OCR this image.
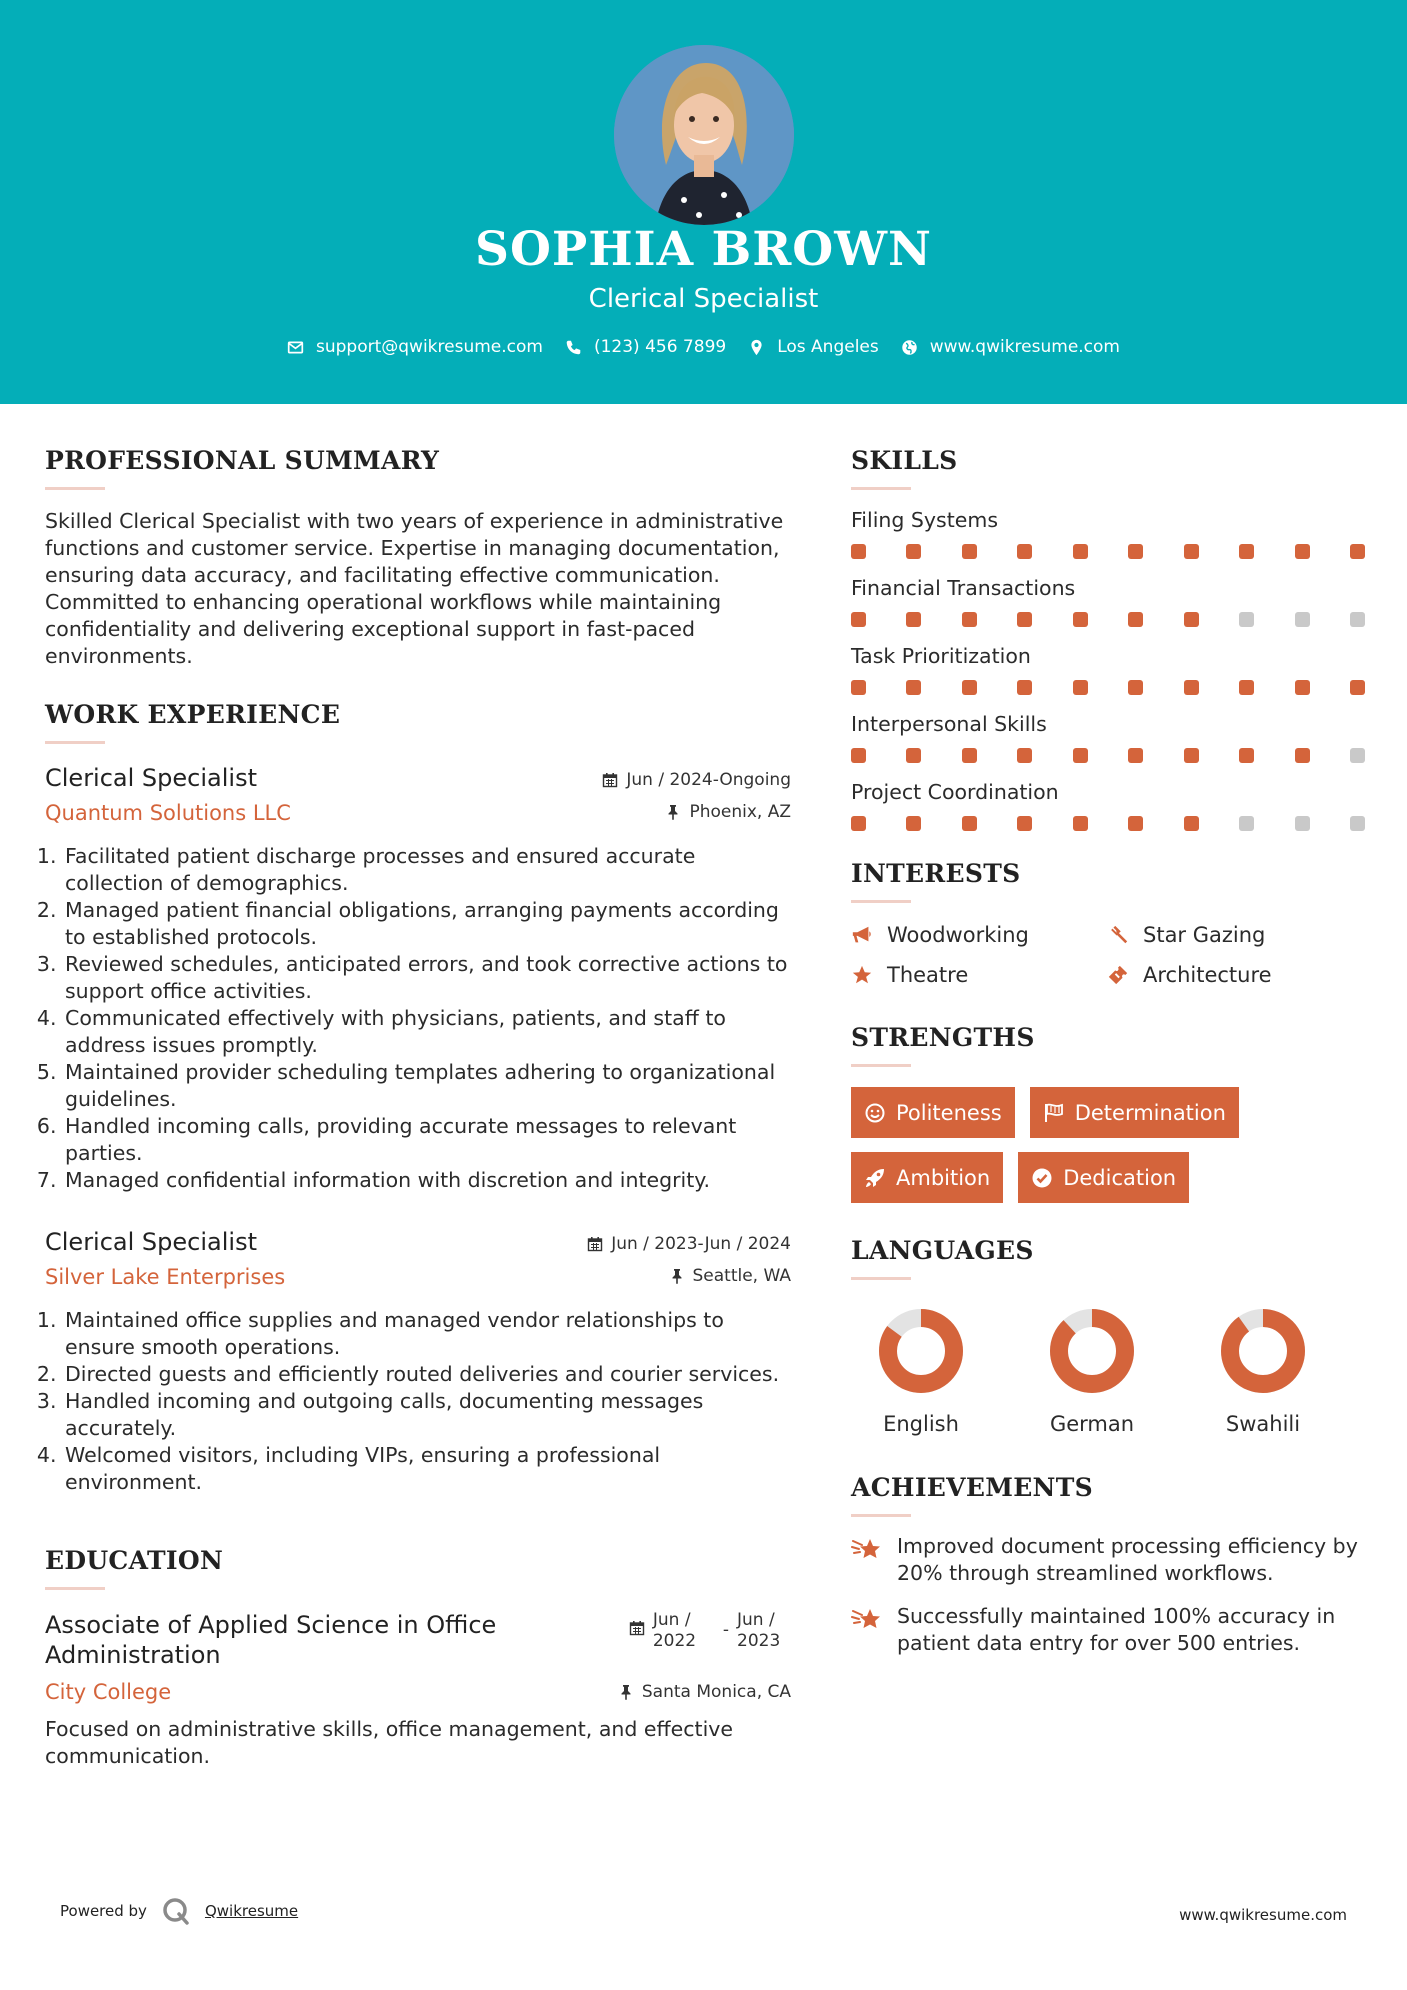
SOPHIA BROWN
Clerical Specialist
support@qwikresume.com	(123) 456 7899	Los Angeles	www.qwikresume.com
PROFESSIONAL SUMMARY

Skilled Clerical Specialist with two years of experience in administrative functions and customer service. Expertise in managing documentation, ensuring data accuracy, and facilitating effective communication. Committed to enhancing operational workflows while maintaining confidentiality and delivering exceptional support in fast-paced environments.

WORK EXPERIENCE
Clerical Specialist
Quantum Solutions LLC
Jun / 2024-Ongoing
Phoenix, AZ
1. Facilitated patient discharge processes and ensured accurate collection of demographics.
2. Managed patient financial obligations, arranging payments according to established protocols.
3. Reviewed schedules, anticipated errors, and took corrective actions to support office activities.
4. Communicated effectively with physicians, patients, and staff to address issues promptly.
5. Maintained provider scheduling templates adhering to organizational guidelines.
6. Handled incoming calls, providing accurate messages to relevant parties.
7. Managed confidential information with discretion and integrity.
Clerical Specialist
Silver Lake Enterprises
Jun / 2023-Jun / 2024
Seattle, WA
1. Maintained office supplies and managed vendor relationships to ensure smooth operations.
2. Directed guests and efficiently routed deliveries and courier services.
3. Handled incoming and outgoing calls, documenting messages accurately.
4. Welcomed visitors, including VIPs, ensuring a professional environment.
EDUCATION
Associate of Applied Science in Office Administration
City College
Jun / 2022
- Jun / 2023
Santa Monica, CA

Focused on administrative skills, office management, and effective communication.

SKILLS
Filing Systems
Financial Transactions
Task Prioritization
Interpersonal Skills
Project Coordination
INTERESTS
Woodworking	Star Gazing
Theatre	Architecture
STRENGTHS
Politeness	Determination
Ambition	Dedication
LANGUAGES
English	German	Swahili
ACHIEVEMENTS
Improved document processing efficiency by 20% through streamlined workflows.
Successfully maintained 100% accuracy in patient data entry for over 500 entries.
Powered by	Qwikresume	www.qwikresume.com
